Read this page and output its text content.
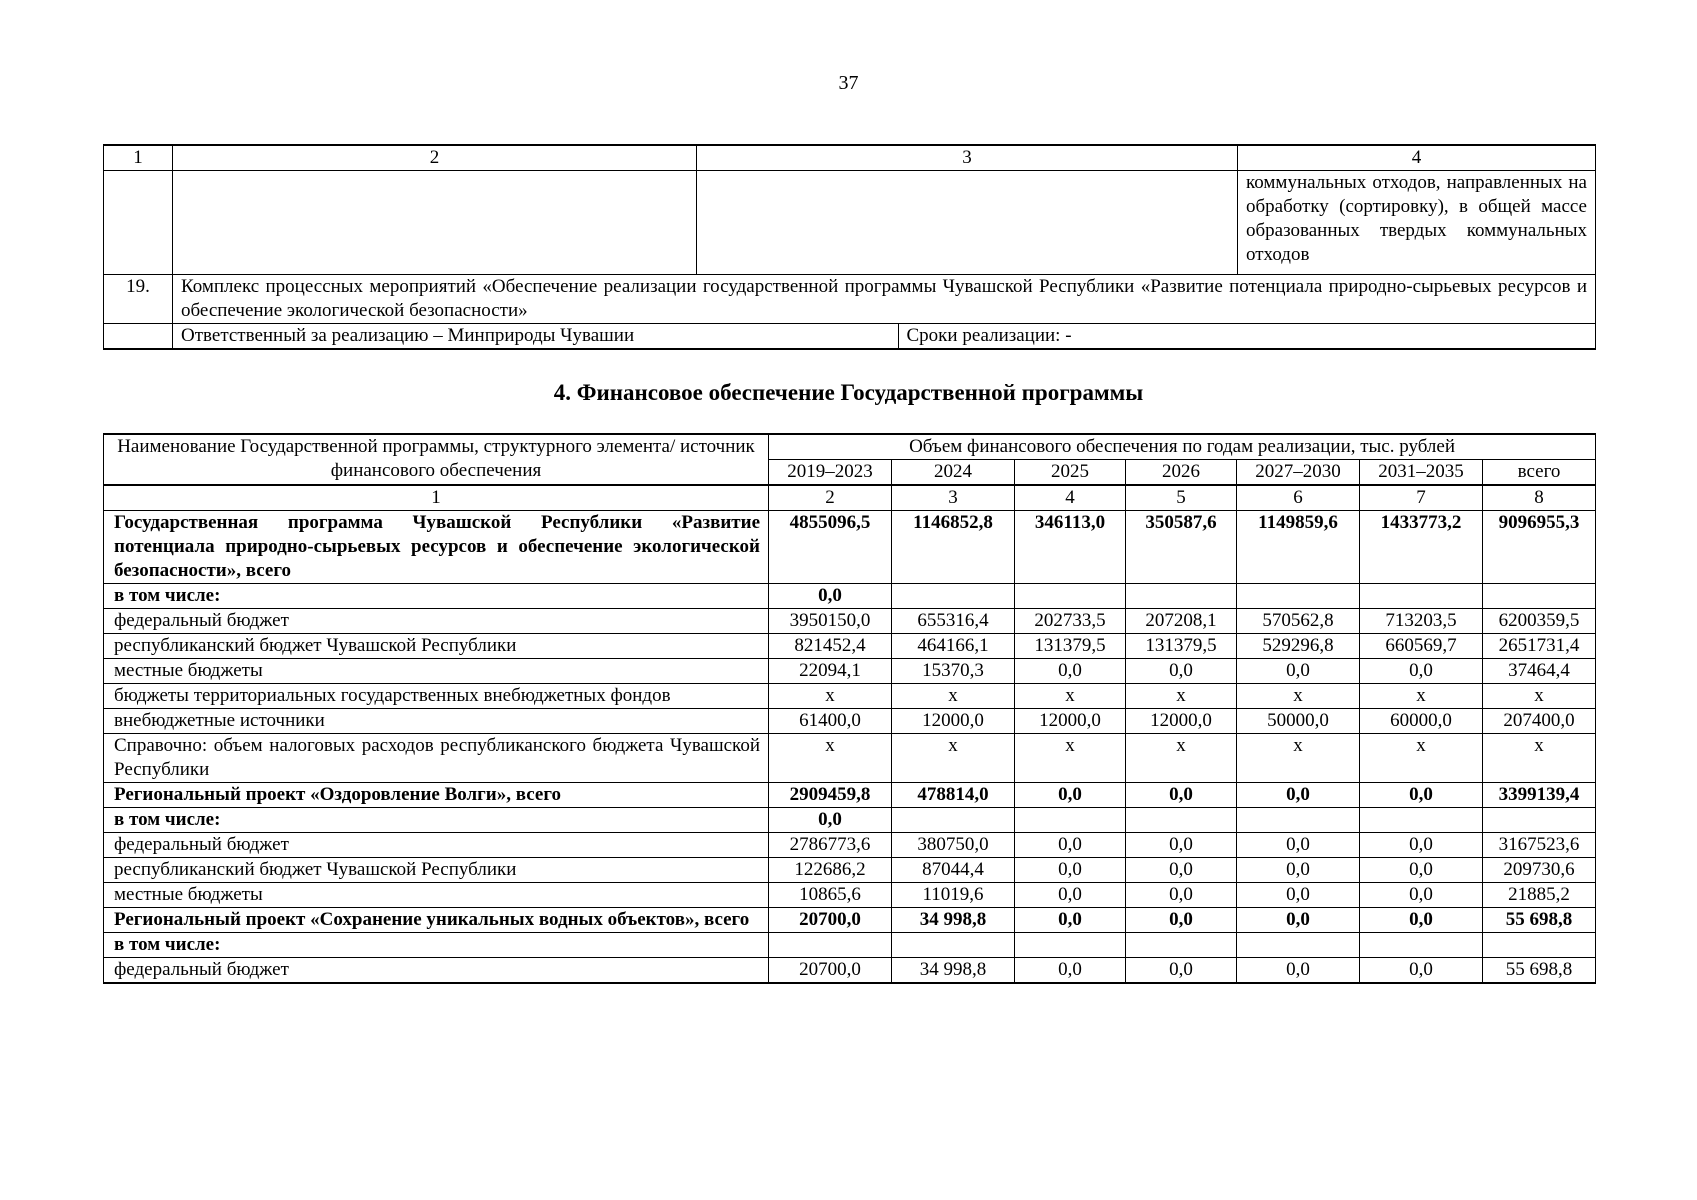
37
1	2	3	4
			коммунальных отходов, направленных на обработку (сортировку), в общей массе образованных твердых коммунальных отходов
19.	Комплекс процессных мероприятий «Обеспечение реализации государственной программы Чувашской Республики «Развитие потенциала природно-сырьевых ресурсов и обеспечение экологической безопасности»

Ответственный за реализацию – Минприроды Чувашии	Сроки реализации: -
4. Финансовое обеспечение Государственной программы
Наименование Государственной программы, структурного элемента/ источник финансового обеспечения	Объем финансового обеспечения по годам реализации, тыс. рублей						
	2019–2023	2024	2025	2026	2027–2030	2031–2035	всего
1	2	3	4	5	6	7	8
Государственная программа Чувашской Республики «Развитие потенциала природно-сырьевых ресурсов и обеспечение экологической безопасности», всего	4855096,5	1146852,8	346113,0	350587,6	1149859,6	1433773,2	9096955,3
в том числе:	0,0						
федеральный бюджет	3950150,0	655316,4	202733,5	207208,1	570562,8	713203,5	6200359,5
республиканский бюджет Чувашской Республики	821452,4	464166,1	131379,5	131379,5	529296,8	660569,7	2651731,4
местные бюджеты	22094,1	15370,3	0,0	0,0	0,0	0,0	37464,4
бюджеты территориальных государственных внебюджетных фондов	x	x	x	x	x	x	x
внебюджетные источники	61400,0	12000,0	12000,0	12000,0	50000,0	60000,0	207400,0
Справочно: объем налоговых расходов республиканского бюджета Чувашской Республики	x	x	x	x	x	x	x
Региональный проект «Оздоровление Волги», всего	2909459,8	478814,0	0,0	0,0	0,0	0,0	3399139,4
в том числе:	0,0						
федеральный бюджет	2786773,6	380750,0	0,0	0,0	0,0	0,0	3167523,6
республиканский бюджет Чувашской Республики	122686,2	87044,4	0,0	0,0	0,0	0,0	209730,6
местные бюджеты	10865,6	11019,6	0,0	0,0	0,0	0,0	21885,2
Региональный проект «Сохранение уникальных водных объектов», всего	20700,0	34 998,8	0,0	0,0	0,0	0,0	55 698,8
в том числе:							
федеральный бюджет	20700,0	34 998,8	0,0	0,0	0,0	0,0	55 698,8
